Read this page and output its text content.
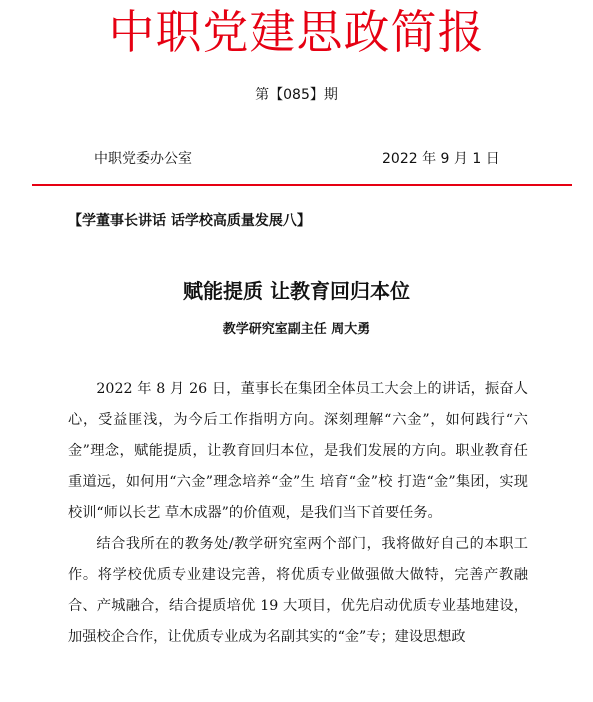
中职党建思政简报
第【085】期
中职党委办公室	2022 年 9 月 1 日
【学董事长讲话 话学校高质量发展八】
赋能提质 让教育回归本位
教学研究室副主任 周大勇

2022 年 8 月 26 日，董事长在集团全体员工大会上的讲话，振奋人心，受益匪浅，为今后工作指明方向。深刻理解“六金”，如何践行“六金”理念，赋能提质，让教育回归本位，是我们发展的方向。职业教育任重道远，如何用“六金”理念培养“金”生 培育“金”校 打造“金”集团，实现校训“师以长艺 草木成器”的价值观，是我们当下首要任务。

结合我所在的教务处/教学研究室两个部门，我将做好自己的本职工作。将学校优质专业建设完善，将优质专业做强做大做特，完善产教融合、产城融合，结合提质培优 19 大项目，优先启动优质专业基地建设，加强校企合作，让优质专业成为名副其实的“金”专；建设思想政
